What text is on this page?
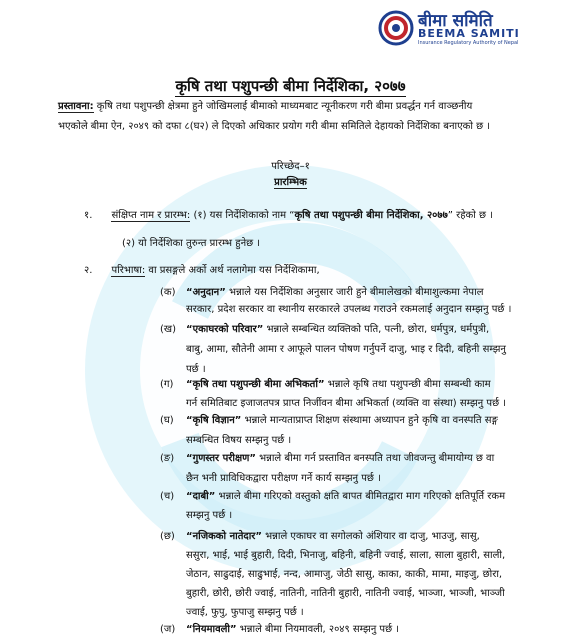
बीमा समिति
BEEMA SAMITI
Insurance Regulatory Authority of Nepal
कृषि तथा पशुपन्छी बीमा निर्देशिका, २०७७
प्रस्तावना: कृषि तथा पशुपन्छी क्षेत्रमा हुने जोखिमलाई बीमाको माध्यमबाट न्यूनीकरण गरी बीमा प्रवर्द्धन गर्न वाञ्छनीय
भएकोले बीमा ऐन, २०४९ को दफा ८(घ२) ले दिएको अधिकार प्रयोग गरी बीमा समितिले देहायको निर्देशिका बनाएको छ ।
परिच्छेद–१
प्रारम्भिक
१. संक्षिप्त नाम र प्रारम्भ: (१) यस निर्देशिकाको नाम “कृषि तथा पशुपन्छी बीमा निर्देशिका, २०७७” रहेको छ ।
(२) यो निर्देशिका तुरुन्त प्रारम्भ हुनेछ ।
२. परिभाषा: वा प्रसङ्गले अर्को अर्थ नलागेमा यस निर्देशिकामा,
(क) “अनुदान” भन्नाले यस निर्देशिका अनुसार जारी हुने बीमालेखको बीमाशुल्कमा नेपाल
सरकार, प्रदेश सरकार वा स्थानीय सरकारले उपलब्ध गराउने रकमलाई अनुदान सम्झनु पर्छ ।
(ख) “एकाघरको परिवार” भन्नाले सम्बन्धित व्यक्तिको पति, पत्नी, छोरा, धर्मपुत्र, धर्मपुत्री,
बाबु, आमा, सौतेनी आमा र आफूले पालन पोषण गर्नुपर्ने दाजु, भाइ र दिदी, बहिनी सम्झनु
पर्छ ।
(ग) “कृषि तथा पशुपन्छी बीमा अभिकर्ता” भन्नाले कृषि तथा पशुपन्छी बीमा सम्बन्धी काम
गर्न समितिबाट इजाजतपत्र प्राप्त निर्जीवन बीमा अभिकर्ता (व्यक्ति वा संस्था) सम्झनु पर्छ ।
(घ) “कृषि विज्ञान” भन्नाले मान्यताप्राप्त शिक्षण संस्थामा अध्यापन हुने कृषि वा वनस्पति सङ्ग
सम्बन्धित विषय सम्झनु पर्छ ।
(ङ) “गुणस्तर परीक्षण” भन्नाले बीमा गर्न प्रस्तावित बनस्पति तथा जीवजन्तु बीमायोग्य छ वा
छैन भनी प्राविधिकद्वारा परीक्षण गर्ने कार्य सम्झनु पर्छ ।
(च) “दाबी” भन्नाले बीमा गरिएको वस्तुको क्षति बापत बीमितद्वारा माग गरिएको क्षतिपूर्ति रकम
सम्झनु पर्छ ।
(छ) “नजिकको नातेदार” भन्नाले एकाघर वा सगोलको अंशियार वा दाजु, भाउजु, सासु,
ससुरा, भाई, भाई बुहारी, दिदी, भिनाजु, बहिनी, बहिनी ज्वाई, साला, साला बुहारी, साली,
जेठान, साढुदाई, साढुभाई, नन्द, आमाजु, जेठी सासु, काका, काकी, मामा, माइजु, छोरा,
बुहारी, छोरी, छोरी ज्वाई, नातिनी, नातिनी बुहारी, नातिनी ज्वाई, भाञ्जा, भाञ्जी, भाञ्जी
ज्वाई, फुपु, फुपाजु सम्झनु पर्छ ।
(ज) “नियमावली” भन्नाले बीमा नियमावली, २०४९ सम्झनु पर्छ ।
